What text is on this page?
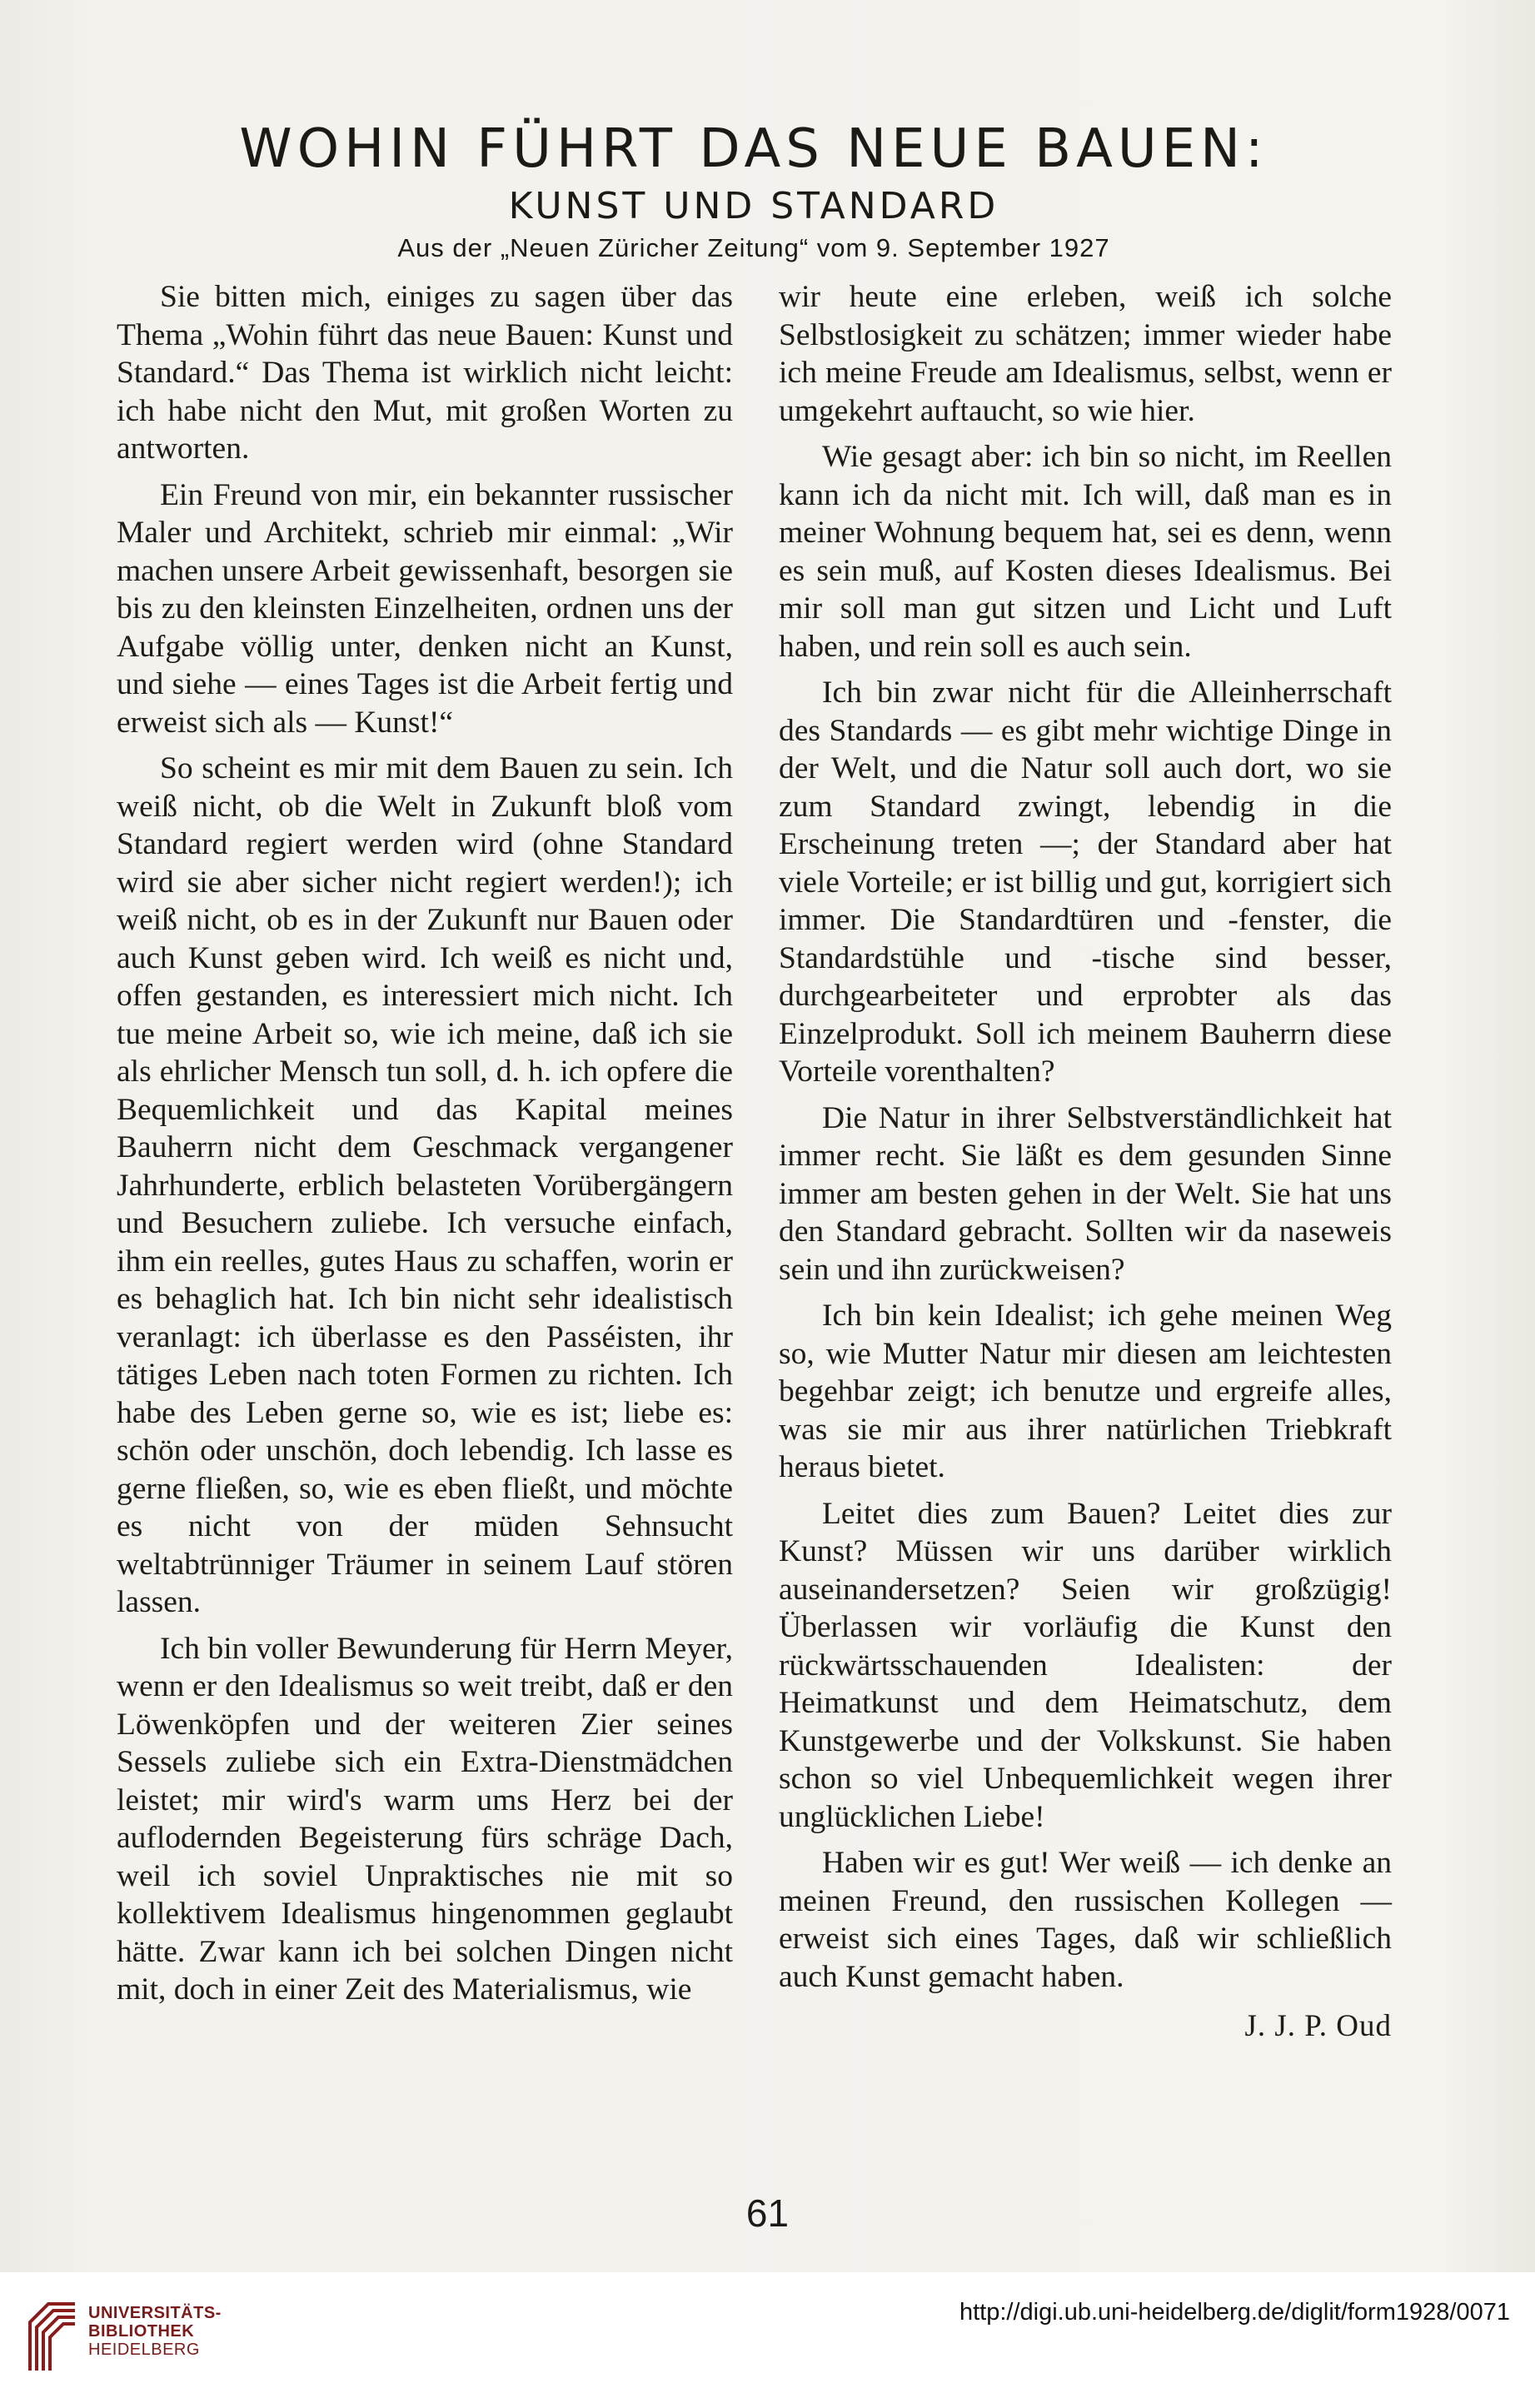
WOHIN FÜHRT DAS NEUE BAUEN:
KUNST UND STANDARD
Aus der „Neuen Züricher Zeitung“ vom 9. September 1927

Sie bitten mich, einiges zu sagen über das Thema „Wohin führt das neue Bauen: Kunst und Standard.“ Das Thema ist wirklich nicht leicht: ich habe nicht den Mut, mit großen Worten zu antworten.

Ein Freund von mir, ein bekannter russischer Maler und Architekt, schrieb mir einmal: „Wir machen unsere Arbeit gewissenhaft, besorgen sie bis zu den kleinsten Einzelheiten, ordnen uns der Aufgabe völlig unter, denken nicht an Kunst, und siehe — eines Tages ist die Arbeit fertig und erweist sich als — Kunst!“

So scheint es mir mit dem Bauen zu sein. Ich weiß nicht, ob die Welt in Zukunft bloß vom Standard regiert werden wird (ohne Standard wird sie aber sicher nicht regiert werden!); ich weiß nicht, ob es in der Zukunft nur Bauen oder auch Kunst geben wird. Ich weiß es nicht und, offen gestanden, es interessiert mich nicht. Ich tue meine Arbeit so, wie ich meine, daß ich sie als ehrlicher Mensch tun soll, d. h. ich opfere die Bequemlichkeit und das Kapital meines Bauherrn nicht dem Geschmack vergangener Jahrhunderte, erblich belasteten Vorübergängern und Besuchern zuliebe. Ich versuche einfach, ihm ein reelles, gutes Haus zu schaffen, worin er es behaglich hat. Ich bin nicht sehr idealistisch veranlagt: ich überlasse es den Passéisten, ihr tätiges Leben nach toten Formen zu richten. Ich habe des Leben gerne so, wie es ist; liebe es: schön oder unschön, doch lebendig. Ich lasse es gerne fließen, so, wie es eben fließt, und möchte es nicht von der müden Sehnsucht weltabtrünniger Träumer in seinem Lauf stören lassen.

Ich bin voller Bewunderung für Herrn Meyer, wenn er den Idealismus so weit treibt, daß er den Löwenköpfen und der weiteren Zier seines Sessels zuliebe sich ein Extra-Dienstmädchen leistet; mir wird's warm ums Herz bei der auflodernden Begeisterung fürs schräge Dach, weil ich soviel Unpraktisches nie mit so kollektivem Idealismus hingenommen geglaubt hätte. Zwar kann ich bei solchen Dingen nicht mit, doch in einer Zeit des Materialismus, wie

wir heute eine erleben, weiß ich solche Selbstlosigkeit zu schätzen; immer wieder habe ich meine Freude am Idealismus, selbst, wenn er umgekehrt auftaucht, so wie hier.

Wie gesagt aber: ich bin so nicht, im Reellen kann ich da nicht mit. Ich will, daß man es in meiner Wohnung bequem hat, sei es denn, wenn es sein muß, auf Kosten dieses Idealismus. Bei mir soll man gut sitzen und Licht und Luft haben, und rein soll es auch sein.

Ich bin zwar nicht für die Alleinherrschaft des Standards — es gibt mehr wichtige Dinge in der Welt, und die Natur soll auch dort, wo sie zum Standard zwingt, lebendig in die Erscheinung treten —; der Standard aber hat viele Vorteile; er ist billig und gut, korrigiert sich immer. Die Standardtüren und -fenster, die Standardstühle und -tische sind besser, durchgearbeiteter und erprobter als das Einzelprodukt. Soll ich meinem Bauherrn diese Vorteile vorenthalten?

Die Natur in ihrer Selbstverständlichkeit hat immer recht. Sie läßt es dem gesunden Sinne immer am besten gehen in der Welt. Sie hat uns den Standard gebracht. Sollten wir da naseweis sein und ihn zurückweisen?

Ich bin kein Idealist; ich gehe meinen Weg so, wie Mutter Natur mir diesen am leichtesten begehbar zeigt; ich benutze und ergreife alles, was sie mir aus ihrer natürlichen Triebkraft heraus bietet.

Leitet dies zum Bauen? Leitet dies zur Kunst? Müssen wir uns darüber wirklich auseinandersetzen? Seien wir großzügig! Überlassen wir vorläufig die Kunst den rückwärtsschauenden Idealisten: der Heimatkunst und dem Heimatschutz, dem Kunstgewerbe und der Volkskunst. Sie haben schon so viel Unbequemlichkeit wegen ihrer unglücklichen Liebe!

Haben wir es gut! Wer weiß — ich denke an meinen Freund, den russischen Kollegen — erweist sich eines Tages, daß wir schließlich auch Kunst gemacht haben.

J. J. P. Oud
61
UNIVERSITÄTS-
BIBLIOTHEK
HEIDELBERG
http://digi.ub.uni-heidelberg.de/diglit/form1928/0071
